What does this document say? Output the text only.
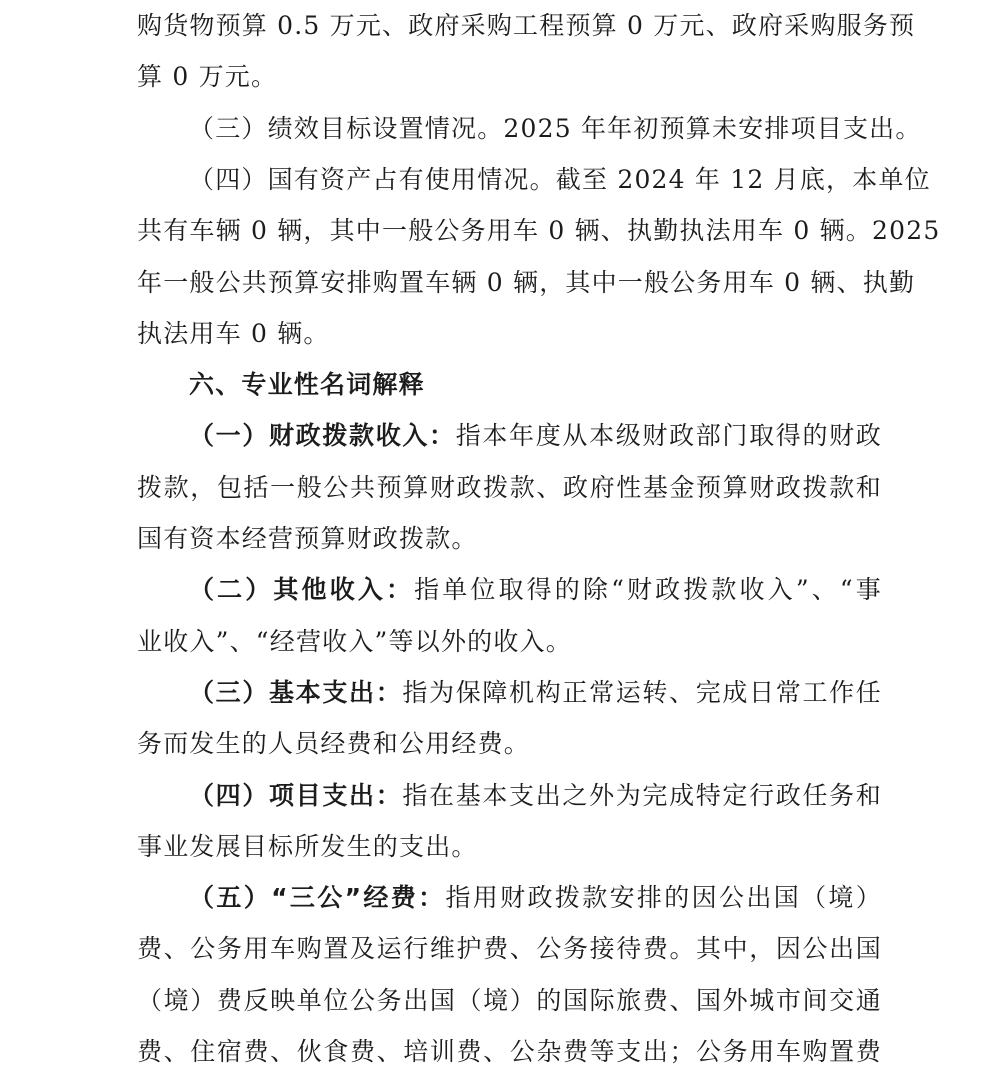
购货物预算 0.5 万元、政府采购工程预算 0 万元、政府采购服务预
算 0 万元。
（三）绩效目标设置情况。2025 年年初预算未安排项目支出。
（四）国有资产占有使用情况。截至 2024 年 12 月底，本单位
共有车辆 0 辆，其中一般公务用车 0 辆、执勤执法用车 0 辆。2025
年一般公共预算安排购置车辆 0 辆，其中一般公务用车 0 辆、执勤
执法用车 0 辆。
六、专业性名词解释
（一）财政拨款收入：指本年度从本级财政部门取得的财政
拨款，包括一般公共预算财政拨款、政府性基金预算财政拨款和
国有资本经营预算财政拨款。
（二）其他收入：指单位取得的除“财政拨款收入”、“事
业收入”、“经营收入”等以外的收入。
（三）基本支出：指为保障机构正常运转、完成日常工作任
务而发生的人员经费和公用经费。
（四）项目支出：指在基本支出之外为完成特定行政任务和
事业发展目标所发生的支出。
（五）“三公”经费：指用财政拨款安排的因公出国（境）
费、公务用车购置及运行维护费、公务接待费。其中，因公出国
（境）费反映单位公务出国（境）的国际旅费、国外城市间交通
费、住宿费、伙食费、培训费、公杂费等支出；公务用车购置费
